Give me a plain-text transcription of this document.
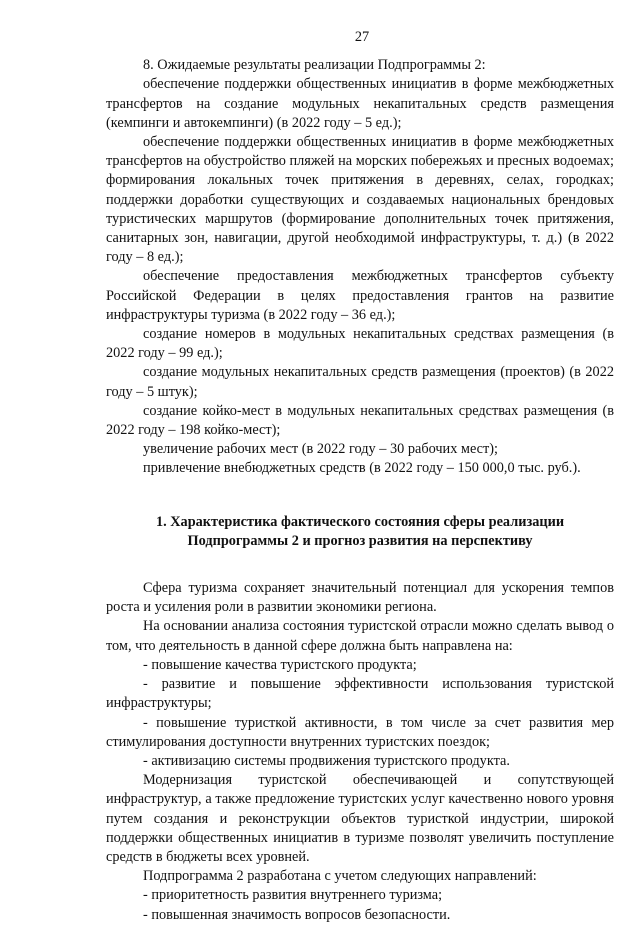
27

8. Ожидаемые результаты реализации Подпрограммы 2:

обеспечение поддержки общественных инициатив в форме межбюджетных трансфертов на создание модульных некапитальных средств размещения (кемпинги и автокемпинги) (в 2022 году – 5 ед.);

обеспечение поддержки общественных инициатив в форме межбюджетных трансфертов на обустройство пляжей на морских побережьях и пресных водоемах; формирования локальных точек притяжения в деревнях, селах, городках; поддержки доработки существующих и создаваемых национальных брендовых туристических маршрутов (формирование дополнительных точек притяжения, санитарных зон, навигации, другой необходимой инфраструктуры, т. д.) (в 2022 году – 8 ед.);

обеспечение предоставления межбюджетных трансфертов субъекту Российской Федерации в целях предоставления грантов на развитие инфраструктуры туризма (в 2022 году – 36 ед.);

создание номеров в модульных некапитальных средствах размещения (в 2022 году – 99 ед.);

создание модульных некапитальных средств размещения (проектов) (в 2022 году – 5 штук);

создание койко-мест в модульных некапитальных средствах размещения (в 2022 году – 198 койко-мест);

увеличение рабочих мест (в 2022 году – 30 рабочих мест);

привлечение внебюджетных средств (в 2022 году – 150 000,0 тыс. руб.).

1. Характеристика фактического состояния сферы реализации
Подпрограммы 2 и прогноз развития на перспективу

Сфера туризма сохраняет значительный потенциал для ускорения темпов роста и усиления роли в развитии экономики региона.

На основании анализа состояния туристской отрасли можно сделать вывод о том, что деятельность в данной сфере должна быть направлена на:

- повышение качества туристского продукта;

- развитие и повышение эффективности использования туристской инфраструктуры;

- повышение туристкой активности, в том числе за счет развития мер стимулирования доступности внутренних туристских поездок;

- активизацию системы продвижения туристского продукта.

Модернизация туристской обеспечивающей и сопутствующей инфраструктур, а также предложение туристских услуг качественно нового уровня путем создания и реконструкции объектов туристкой индустрии, широкой поддержки общественных инициатив в туризме позволят увеличить поступление средств в бюджеты всех уровней.

Подпрограмма 2 разработана с учетом следующих направлений:

- приоритетность развития внутреннего туризма;

- повышенная значимость вопросов безопасности.
